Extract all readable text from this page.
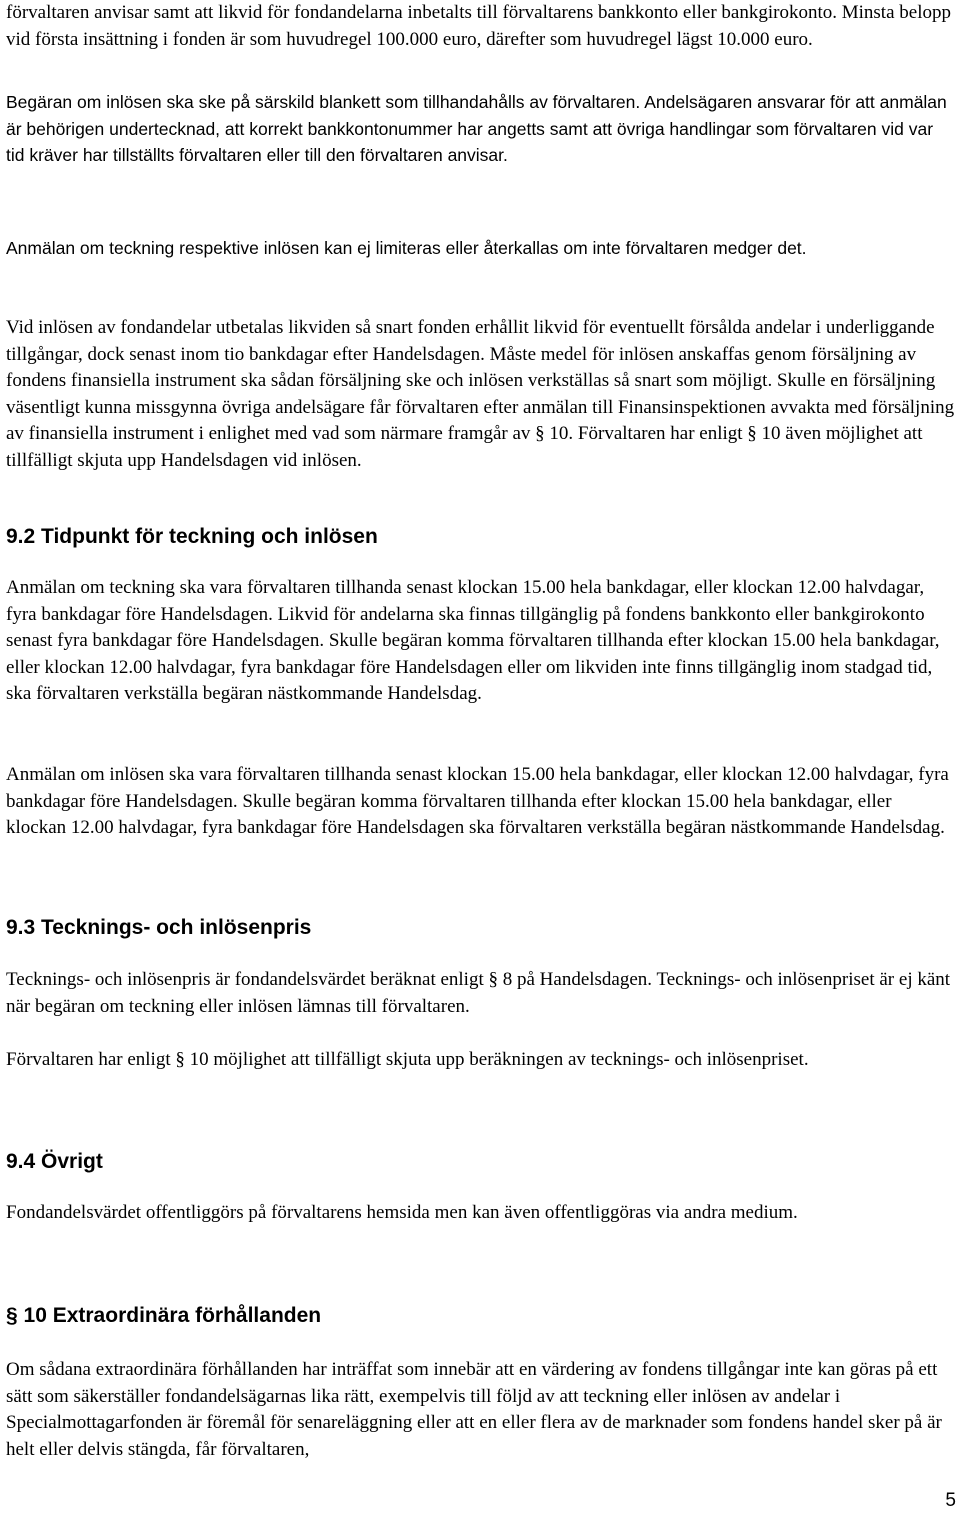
förvaltaren anvisar samt att likvid för fondandelarna inbetalts till förvaltarens bankkonto eller bankgirokonto. Minsta belopp vid första insättning i fonden är som huvudregel 100.000 euro, därefter som huvudregel lägst 10.000 euro.

Begäran om inlösen ska ske på särskild blankett som tillhandahålls av förvaltaren. Andelsägaren ansvarar för att anmälan är behörigen undertecknad, att korrekt bankkontonummer har angetts samt att övriga handlingar som förvaltaren vid var tid kräver har tillställts förvaltaren eller till den förvaltaren anvisar.

Anmälan om teckning respektive inlösen kan ej limiteras eller återkallas om inte förvaltaren medger det.

Vid inlösen av fondandelar utbetalas likviden så snart fonden erhållit likvid för eventuellt försålda andelar i underliggande tillgångar, dock senast inom tio bankdagar efter Handelsdagen. Måste medel för inlösen anskaffas genom försäljning av fondens finansiella instrument ska sådan försäljning ske och inlösen verkställas så snart som möjligt. Skulle en försäljning väsentligt kunna missgynna övriga andelsägare får förvaltaren efter anmälan till Finansinspektionen avvakta med försäljning av finansiella instrument i enlighet med vad som närmare framgår av § 10. Förvaltaren har enligt § 10 även möjlighet att tillfälligt skjuta upp Handelsdagen vid inlösen.

9.2 Tidpunkt för teckning och inlösen

Anmälan om teckning ska vara förvaltaren tillhanda senast klockan 15.00 hela bankdagar, eller klockan 12.00 halvdagar, fyra bankdagar före Handelsdagen. Likvid för andelarna ska finnas tillgänglig på fondens bankkonto eller bankgirokonto senast fyra bankdagar före Handelsdagen. Skulle begäran komma förvaltaren tillhanda efter klockan 15.00 hela bankdagar, eller klockan 12.00 halvdagar, fyra bankdagar före Handelsdagen eller om likviden inte finns tillgänglig inom stadgad tid, ska förvaltaren verkställa begäran nästkommande Handelsdag.

Anmälan om inlösen ska vara förvaltaren tillhanda senast klockan 15.00 hela bankdagar, eller klockan 12.00 halvdagar, fyra bankdagar före Handelsdagen. Skulle begäran komma förvaltaren tillhanda efter klockan 15.00 hela bankdagar, eller klockan 12.00 halvdagar, fyra bankdagar före Handelsdagen ska förvaltaren verkställa begäran nästkommande Handelsdag.

9.3 Tecknings- och inlösenpris

Tecknings- och inlösenpris är fondandelsvärdet beräknat enligt § 8 på Handelsdagen. Tecknings- och inlösenpriset är ej känt när begäran om teckning eller inlösen lämnas till förvaltaren.

Förvaltaren har enligt § 10 möjlighet att tillfälligt skjuta upp beräkningen av tecknings- och inlösenpriset.

9.4 Övrigt

Fondandelsvärdet offentliggörs på förvaltarens hemsida men kan även offentliggöras via andra medium.

§ 10 Extraordinära förhållanden

Om sådana extraordinära förhållanden har inträffat som innebär att en värdering av fondens tillgångar inte kan göras på ett sätt som säkerställer fondandelsägarnas lika rätt, exempelvis till följd av att teckning eller inlösen av andelar i Specialmottagarfonden är föremål för senareläggning eller att en eller flera av de marknader som fondens handel sker på är helt eller delvis stängda, får förvaltaren,

5
